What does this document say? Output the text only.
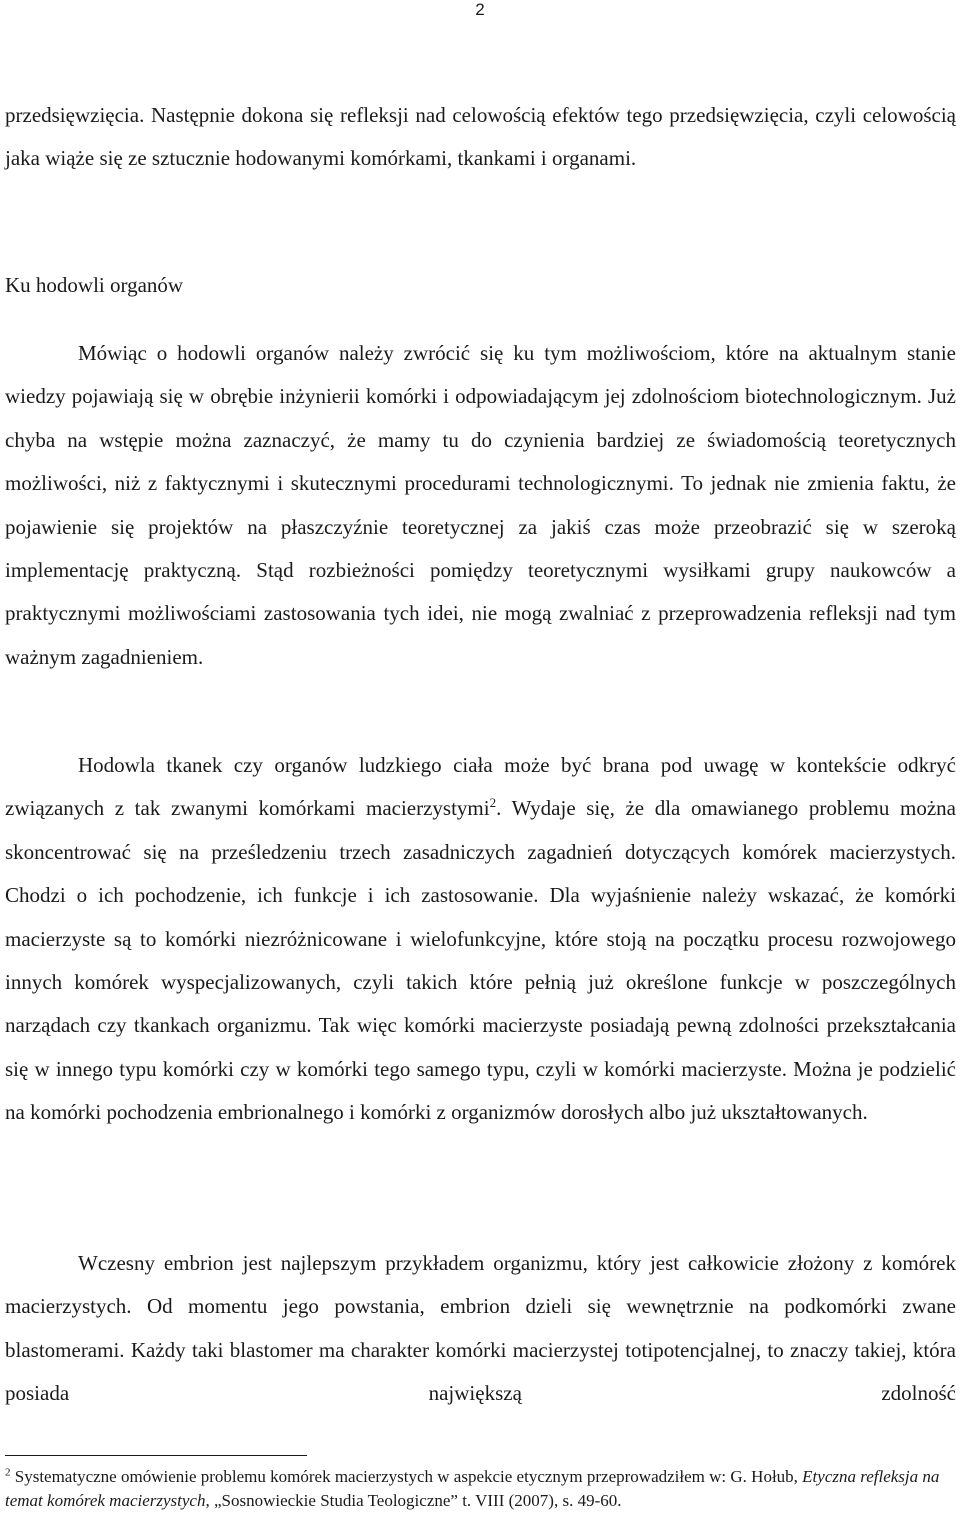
2
przedsięwzięcia. Następnie dokona się refleksji nad celowością efektów tego przedsięwzięcia, czyli celowością jaka wiąże się ze sztucznie hodowanymi komórkami, tkankami i organami.
Ku hodowli organów
Mówiąc o hodowli organów należy zwrócić się ku tym możliwościom, które na aktualnym stanie wiedzy pojawiają się w obrębie inżynierii komórki i odpowiadającym jej zdolnościom biotechnologicznym. Już chyba na wstępie można zaznaczyć, że mamy tu do czynienia bardziej ze świadomością teoretycznych możliwości, niż z faktycznymi i skutecznymi procedurami technologicznymi. To jednak nie zmienia faktu, że pojawienie się projektów na płaszczyźnie teoretycznej za jakiś czas może przeobrazić się w szeroką implementację praktyczną. Stąd rozbieżności pomiędzy teoretycznymi wysiłkami grupy naukowców a praktycznymi możliwościami zastosowania tych idei, nie mogą zwalniać z przeprowadzenia refleksji nad tym ważnym zagadnieniem.
Hodowla tkanek czy organów ludzkiego ciała może być brana pod uwagę w kontekście odkryć związanych z tak zwanymi komórkami macierzystymi$^2$. Wydaje się, że dla omawianego problemu można skoncentrować się na prześledzeniu trzech zasadniczych zagadnień dotyczących komórek macierzystych. Chodzi o ich pochodzenie, ich funkcje i ich zastosowanie. Dla wyjaśnienie należy wskazać, że komórki macierzyste są to komórki niezróżnicowane i wielofunkcyjne, które stoją na początku procesu rozwojowego innych komórek wyspecjalizowanych, czyli takich które pełnią już określone funkcje w poszczególnych narządach czy tkankach organizmu. Tak więc komórki macierzyste posiadają pewną zdolności przekształcania się w innego typu komórki czy w komórki tego samego typu, czyli w komórki macierzyste. Można je podzielić na komórki pochodzenia embrionalnego i komórki z organizmów dorosłych albo już ukształtowanych.
Wczesny embrion jest najlepszym przykładem organizmu, który jest całkowicie złożony z komórek macierzystych. Od momentu jego powstania, embrion dzieli się wewnętrznie na podkomórki zwane blastomerami. Każdy taki blastomer ma charakter komórki macierzystej totipotencjalnej, to znaczy takiej, która posiada największą zdolność
$^2$ Systematyczne omówienie problemu komórek macierzystych w aspekcie etycznym przeprowadziłem w: G. Hołub, Etyczna refleksja na temat komórek macierzystych, „Sosnowieckie Studia Teologiczne” t. VIII (2007), s. 49-60.
